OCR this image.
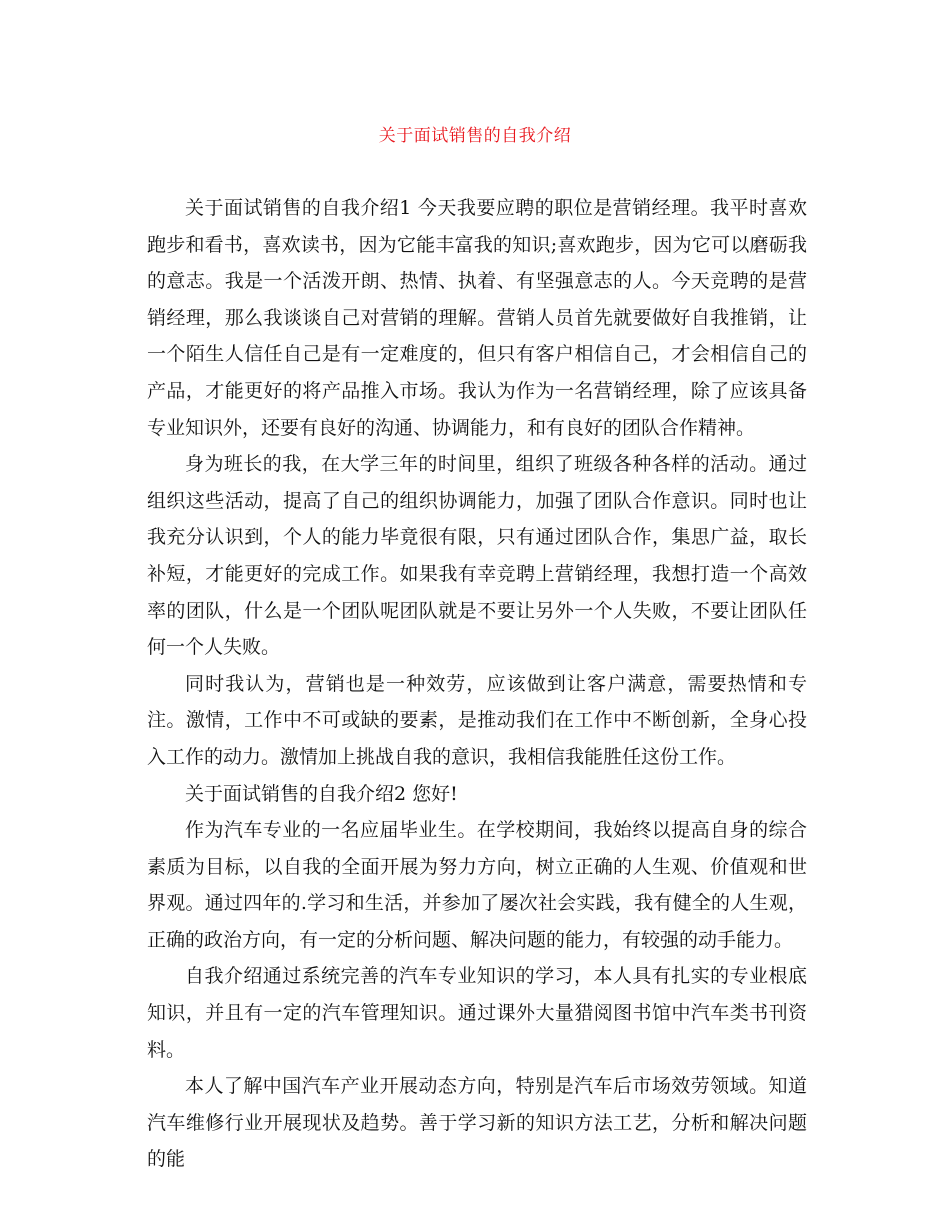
关于面试销售的自我介绍

关于面试销售的自我介绍1 今天我要应聘的职位是营销经理。我平时喜欢跑步和看书，喜欢读书，因为它能丰富我的知识;喜欢跑步，因为它可以磨砺我的意志。我是一个活泼开朗、热情、执着、有坚强意志的人。今天竞聘的是营销经理，那么我谈谈自己对营销的理解。营销人员首先就要做好自我推销，让一个陌生人信任自己是有一定难度的，但只有客户相信自己，才会相信自己的产品，才能更好的将产品推入市场。我认为作为一名营销经理，除了应该具备专业知识外，还要有良好的沟通、协调能力，和有良好的团队合作精神。

身为班长的我，在大学三年的时间里，组织了班级各种各样的活动。通过组织这些活动，提高了自己的组织协调能力，加强了团队合作意识。同时也让我充分认识到，个人的能力毕竟很有限，只有通过团队合作，集思广益，取长补短，才能更好的完成工作。如果我有幸竞聘上营销经理，我想打造一个高效率的团队，什么是一个团队呢团队就是不要让另外一个人失败，不要让团队任何一个人失败。

同时我认为，营销也是一种效劳，应该做到让客户满意，需要热情和专注。激情，工作中不可或缺的要素，是推动我们在工作中不断创新，全身心投入工作的动力。激情加上挑战自我的意识，我相信我能胜任这份工作。

关于面试销售的自我介绍2 您好!

作为汽车专业的一名应届毕业生。在学校期间，我始终以提高自身的综合素质为目标，以自我的全面开展为努力方向，树立正确的人生观、价值观和世界观。通过四年的.学习和生活，并参加了屡次社会实践，我有健全的人生观，正确的政治方向，有一定的分析问题、解决问题的能力，有较强的动手能力。

自我介绍通过系统完善的汽车专业知识的学习，本人具有扎实的专业根底知识，并且有一定的汽车管理知识。通过课外大量猎阅图书馆中汽车类书刊资料。

本人了解中国汽车产业开展动态方向，特别是汽车后市场效劳领域。知道汽车维修行业开展现状及趋势。善于学习新的知识方法工艺，分析和解决问题的能
